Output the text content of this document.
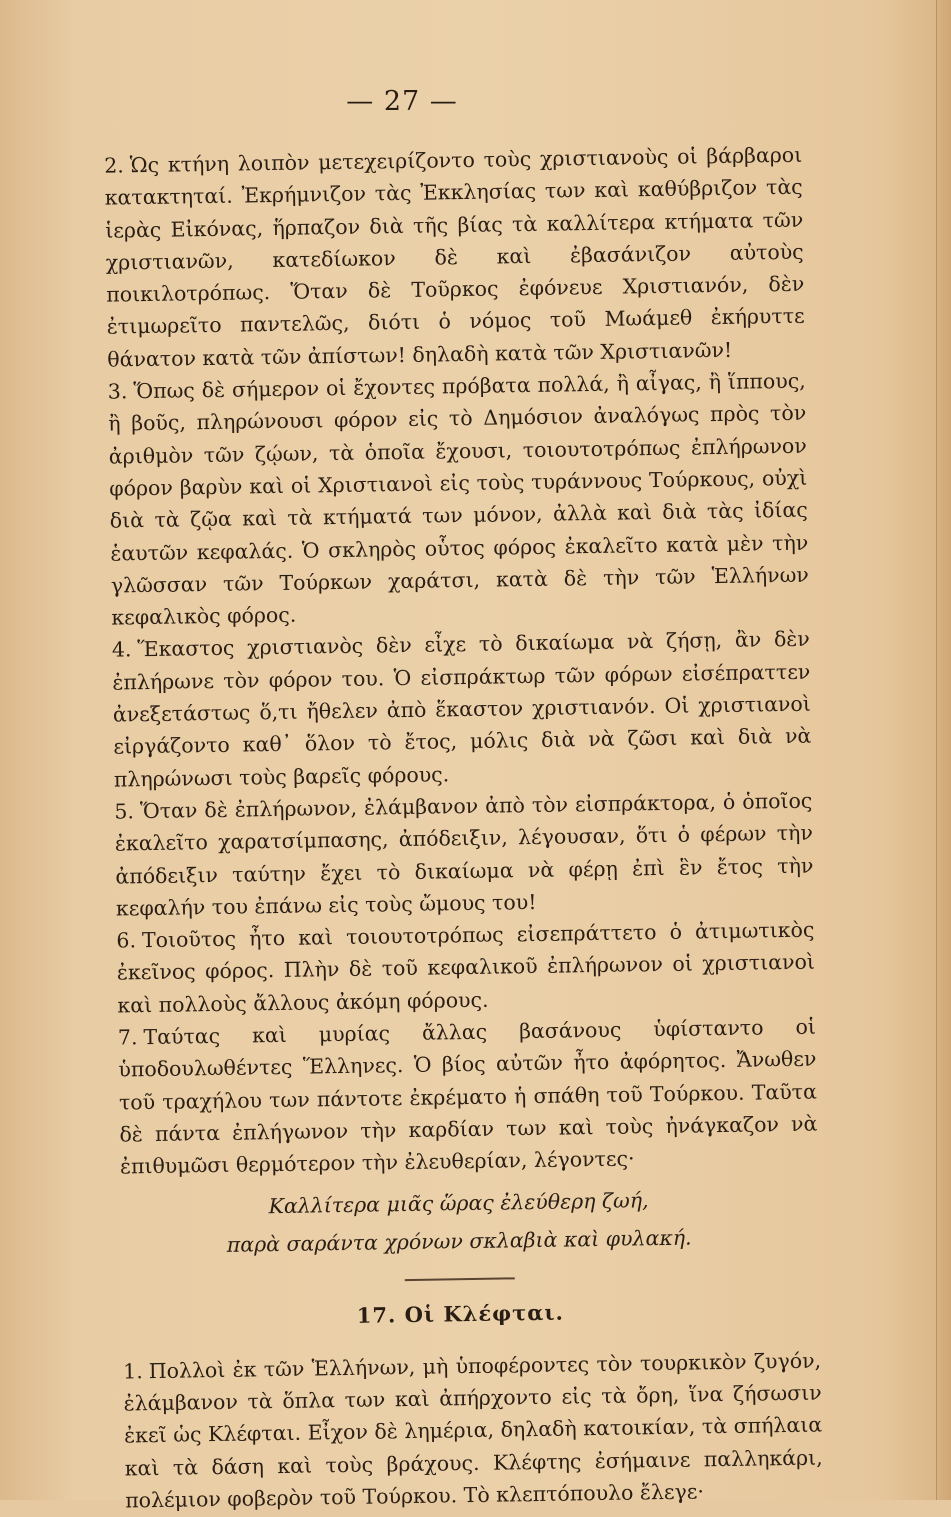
— 27 —

2. Ὡς κτήνη λοιπὸν μετεχειρίζοντο τοὺς χριστιανοὺς οἱ βάρβαροι κατακτηταί. Ἐκρήμνιζον τὰς Ἐκκλησίας των καὶ καθύβριζον τὰς ἱερὰς Εἰκόνας, ἥρπαζον διὰ τῆς βίας τὰ καλλίτερα κτήματα τῶν χριστιανῶν, κατεδίωκον δὲ καὶ ἐβασάνιζον αὐτοὺς ποικιλοτρόπως. Ὅταν δὲ Τοῦρκος ἐφόνευε Χριστιανόν, δὲν ἐτιμωρεῖτο παντελῶς, διότι ὁ νόμος τοῦ Μωάμεθ ἐκήρυττε θάνατον κατὰ τῶν ἀπίστων! δηλαδὴ κατὰ τῶν Χριστιανῶν!

3. Ὅπως δὲ σήμερον οἱ ἔχοντες πρόβατα πολλά, ἢ αἶγας, ἢ ἵππους, ἢ βοῦς, πληρώνουσι φόρον εἰς τὸ Δημόσιον ἀναλόγως πρὸς τὸν ἀριθμὸν τῶν ζῴων, τὰ ὁποῖα ἔχουσι, τοιουτοτρόπως ἐπλήρωνον φόρον βαρὺν καὶ οἱ Χριστιανοὶ εἰς τοὺς τυράννους Τούρκους, οὐχὶ διὰ τὰ ζῷα καὶ τὰ κτήματά των μόνον, ἀλλὰ καὶ διὰ τὰς ἰδίας ἑαυτῶν κεφαλάς. Ὁ σκληρὸς οὗτος φόρος ἐκαλεῖτο κατὰ μὲν τὴν γλῶσσαν τῶν Τούρκων χαράτσι, κατὰ δὲ τὴν τῶν Ἑλλήνων κεφαλικὸς φόρος.

4. Ἕκαστος χριστιανὸς δὲν εἶχε τὸ δικαίωμα νὰ ζήσῃ, ἂν δὲν ἐπλήρωνε τὸν φόρον του. Ὁ εἰσπράκτωρ τῶν φόρων εἰσέπραττεν ἀνεξετάστως ὅ,τι ἤθελεν ἀπὸ ἕκαστον χριστιανόν. Οἱ χριστιανοὶ εἰργάζοντο καθ᾽ ὅλον τὸ ἔτος, μόλις διὰ νὰ ζῶσι καὶ διὰ νὰ πληρώνωσι τοὺς βαρεῖς φόρους.

5. Ὅταν δὲ ἐπλήρωνον, ἐλάμβανον ἀπὸ τὸν εἰσπράκτορα, ὁ ὁποῖος ἐκαλεῖτο χαρατσίμπασης, ἀπόδειξιν, λέγουσαν, ὅτι ὁ φέρων τὴν ἀπόδειξιν ταύτην ἔχει τὸ δικαίωμα νὰ φέρῃ ἐπὶ ἓν ἔτος τὴν κεφαλήν του ἐπάνω εἰς τοὺς ὤμους του!

6. Τοιοῦτος ἦτο καὶ τοιουτοτρόπως εἰσεπράττετο ὁ ἀτιμωτικὸς ἐκεῖνος φόρος. Πλὴν δὲ τοῦ κεφαλικοῦ ἐπλήρωνον οἱ χριστιανοὶ καὶ πολλοὺς ἄλλους ἀκόμη φόρους.

7. Ταύτας καὶ μυρίας ἄλλας βασάνους ὑφίσταντο οἱ ὑποδουλωθέντες Ἕλληνες. Ὁ βίος αὐτῶν ἦτο ἀφόρητος. Ἄνωθεν τοῦ τραχήλου των πάντοτε ἐκρέματο ἡ σπάθη τοῦ Τούρκου. Ταῦτα δὲ πάντα ἐπλήγωνον τὴν καρδίαν των καὶ τοὺς ἠνάγκαζον νὰ ἐπιθυμῶσι θερμότερον τὴν ἐλευθερίαν, λέγοντες·

Καλλίτερα μιᾶς ὥρας ἐλεύθερη ζωή,
παρὰ σαράντα χρόνων σκλαβιὰ καὶ φυλακή.
17. Οἱ Κλέφται.

1. Πολλοὶ ἐκ τῶν Ἑλλήνων, μὴ ὑποφέροντες τὸν τουρκικὸν ζυγόν, ἐλάμβανον τὰ ὅπλα των καὶ ἀπήρχοντο εἰς τὰ ὄρη, ἵνα ζήσωσιν ἐκεῖ ὡς Κλέφται. Εἶχον δὲ λημέρια, δηλαδὴ κατοικίαν, τὰ σπήλαια καὶ τὰ δάση καὶ τοὺς βράχους. Κλέφτης ἐσήμαινε παλληκάρι, πολέμιον φοβερὸν τοῦ Τούρκου. Τὸ κλεπτόπουλο ἔλεγε·
